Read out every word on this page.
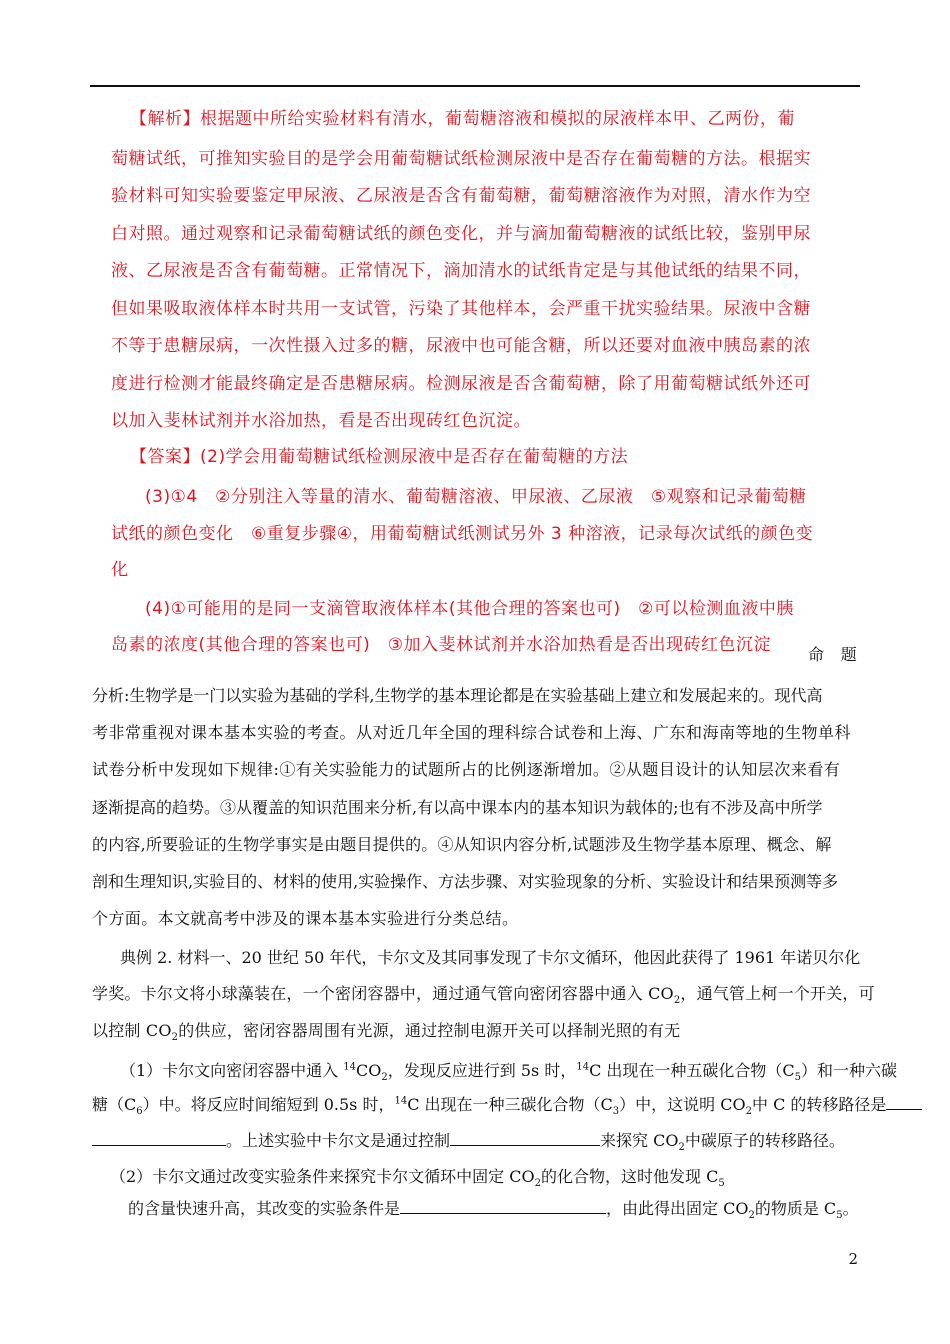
【解析】根据题中所给实验材料有清水，葡萄糖溶液和模拟的尿液样本甲、乙两份，葡
萄糖试纸，可推知实验目的是学会用葡萄糖试纸检测尿液中是否存在葡萄糖的方法。根据实
验材料可知实验要鉴定甲尿液、乙尿液是否含有葡萄糖，葡萄糖溶液作为对照，清水作为空
白对照。通过观察和记录葡萄糖试纸的颜色变化，并与滴加葡萄糖液的试纸比较，鉴别甲尿
液、乙尿液是否含有葡萄糖。正常情况下，滴加清水的试纸肯定是与其他试纸的结果不同，
但如果吸取液体样本时共用一支试管，污染了其他样本，会严重干扰实验结果。尿液中含糖
不等于患糖尿病，一次性摄入过多的糖，尿液中也可能含糖，所以还要对血液中胰岛素的浓
度进行检测才能最终确定是否患糖尿病。检测尿液是否含葡萄糖，除了用葡萄糖试纸外还可
以加入斐林试剂并水浴加热，看是否出现砖红色沉淀。
【答案】(2)学会用葡萄糖试纸检测尿液中是否存在葡萄糖的方法
(3)①4　②分别注入等量的清水、葡萄糖溶液、甲尿液、乙尿液　⑤观察和记录葡萄糖
试纸的颜色变化　⑥重复步骤④，用葡萄糖试纸测试另外 3 种溶液，记录每次试纸的颜色变
化
(4)①可能用的是同一支滴管取液体样本(其他合理的答案也可)　②可以检测血液中胰
岛素的浓度(其他合理的答案也可)　③加入斐林试剂并水浴加热看是否出现砖红色沉淀 命　题
分析:生物学是一门以实验为基础的学科,生物学的基本理论都是在实验基础上建立和发展起来的。现代高
考非常重视对课本基本实验的考查。从对近几年全国的理科综合试卷和上海、广东和海南等地的生物单科
试卷分析中发现如下规律:①有关实验能力的试题所占的比例逐渐增加。②从题目设计的认知层次来看有
逐渐提高的趋势。③从覆盖的知识范围来分析,有以高中课本内的基本知识为载体的;也有不涉及高中所学
的内容,所要验证的生物学事实是由题目提供的。④从知识内容分析,试题涉及生物学基本原理、概念、解
剖和生理知识,实验目的、材料的使用,实验操作、方法步骤、对实验现象的分析、实验设计和结果预测等多
个方面。本文就高考中涉及的课本基本实验进行分类总结。
典例 2. 材料一、20 世纪 50 年代，卡尔文及其同事发现了卡尔文循环，他因此获得了 1961 年诺贝尔化
学奖。卡尔文将小球藻装在，一个密闭容器中，通过通气管向密闭容器中通入 $CO_2$，通气管上柯一个开关，可
以控制 $CO_2$的供应，密闭容器周围有光源，通过控制电源开关可以择制光照的有无
（1）卡尔文向密闭容器中通入 $^{14}CO_2$，发现反应进行到 5s 时，$^{14}$C 出现在一种五碳化合物$(C_5)$和一种六碳
糖$(C_6)$中。将反应时间缩短到 0.5s 时，$^{14}$C 出现在一种三碳化合物$(C_3)$中，这说明 $CO_2$中 C 的转移路径是
。上述实验中卡尔文是通过控制	来探究 $CO_2$中碳原子的转移路径。
（2）卡尔文通过改变实验条件来探究卡尔文循环中固定 $CO_2$的化合物，这时他发现 $C_5$
的含量快速升高，其改变的实验条件是	，由此得出固定 $CO_2$的物质是 $C_5$。
2
